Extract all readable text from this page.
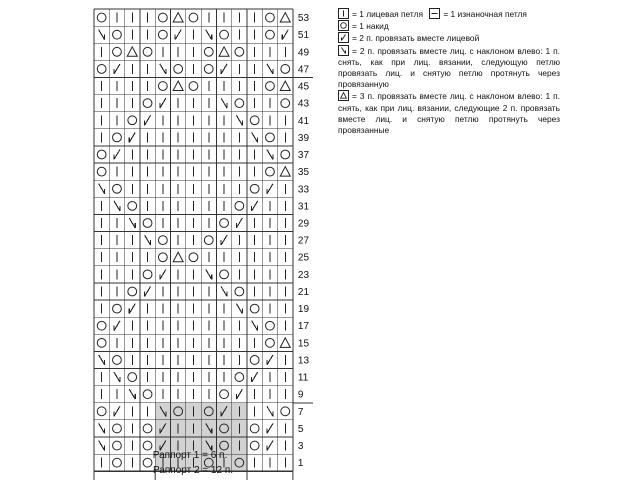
53
51
49
47
45
43
41
39
37
35
33
31
29
27
25
23
21
19
17
15
13
11
9
7
5
3
1
Раппорт 1 = 6 п.
Раппорт 2 = 12 п.
= 1 лицевая петля = 1 изнаночная петля
= 1 накид
= 2 п. провязать вместе лицевой
= 2 п. провязать вместе лиц. с наклоном влево: 1 п. снять, как при лиц. вязании, следующую петлю провязать лиц. и снятую петлю протянуть через провязанную
= 3 п. провязать вместе лиц. с наклоном влево: 1 п. снять, как при лиц. вязании, следующие 2 п. провязать вместе лиц. и снятую петлю протянуть через провязанные
